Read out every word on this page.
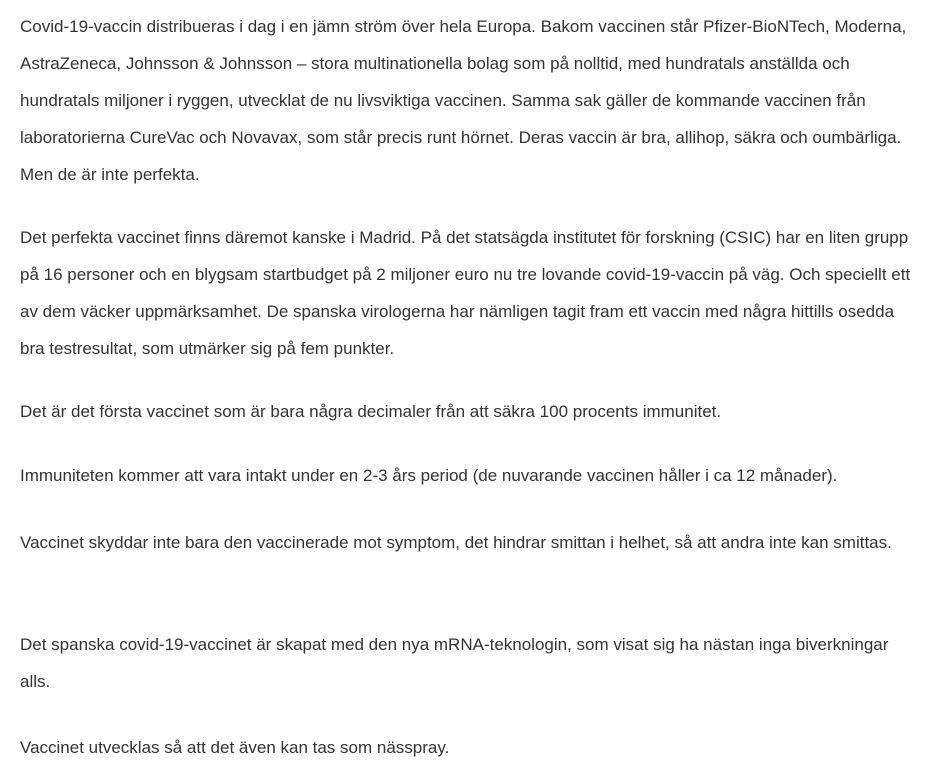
Covid-19-vaccin distribueras i dag i en jämn ström över hela Europa. Bakom vaccinen står Pfizer-BioNTech, Moderna, AstraZeneca, Johnsson & Johnsson – stora multinationella bolag som på nolltid, med hundratals anställda och hundratals miljoner i ryggen, utvecklat de nu livsviktiga vaccinen. Samma sak gäller de kommande vaccinen från laboratorierna CureVac och Novavax, som står precis runt hörnet. Deras vaccin är bra, allihop, säkra och oumbärliga. Men de är inte perfekta.

Det perfekta vaccinet finns däremot kanske i Madrid. På det statsägda institutet för forskning (CSIC) har en liten grupp på 16 personer och en blygsam startbudget på 2 miljoner euro nu tre lovande covid-19-vaccin på väg. Och speciellt ett av dem väcker uppmärksamhet. De spanska virologerna har nämligen tagit fram ett vaccin med några hittills osedda bra testresultat, som utmärker sig på fem punkter.

Det är det första vaccinet som är bara några decimaler från att säkra 100 procents immunitet.

Immuniteten kommer att vara intakt under en 2-3 års period (de nuvarande vaccinen håller i ca 12 månader).

Vaccinet skyddar inte bara den vaccinerade mot symptom, det hindrar smittan i helhet, så att andra inte kan smittas.

Det spanska covid-19-vaccinet är skapat med den nya mRNA-teknologin, som visat sig ha nästan inga biverkningar alls.

Vaccinet utvecklas så att det även kan tas som nässpray.
